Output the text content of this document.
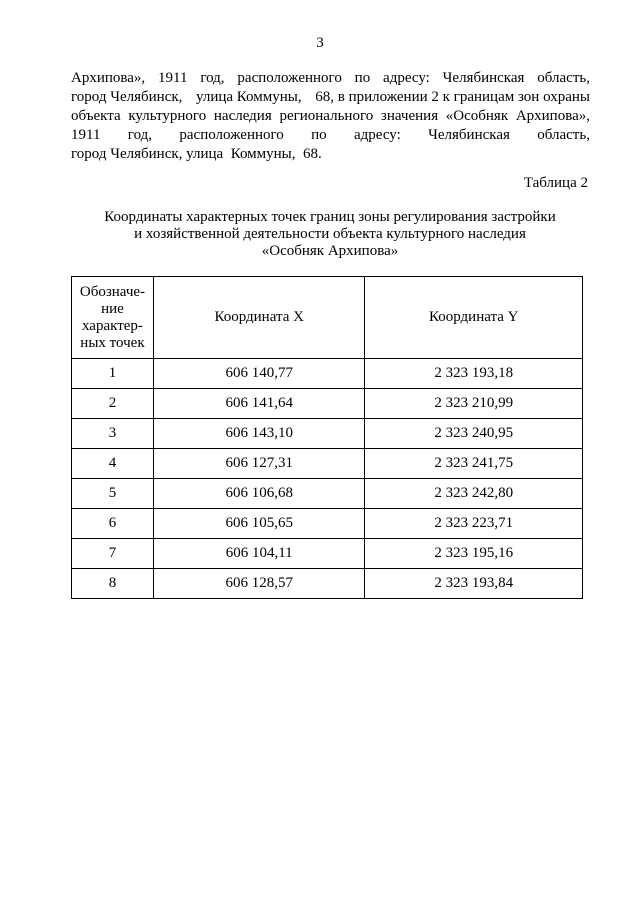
3
Архипова», 1911 год, расположенного по адресу: Челябинская область,
город Челябинск, улица Коммуны, 68, в приложении 2 к границам зон охраны
объекта культурного наследия регионального значения «Особняк Архипова»,
1911 год, расположенного по адресу: Челябинская область,
город Челябинск, улица  Коммуны,  68.
Таблица 2
Координаты характерных точек границ зоны регулирования застройки
и хозяйственной деятельности объекта культурного наследия
«Особняк Архипова»
Обозначе-
ние
характер-
ных точек	Координата X	Координата Y
1	606 140,77	2 323 193,18
2	606 141,64	2 323 210,99
3	606 143,10	2 323 240,95
4	606 127,31	2 323 241,75
5	606 106,68	2 323 242,80
6	606 105,65	2 323 223,71
7	606 104,11	2 323 195,16
8	606 128,57	2 323 193,84
